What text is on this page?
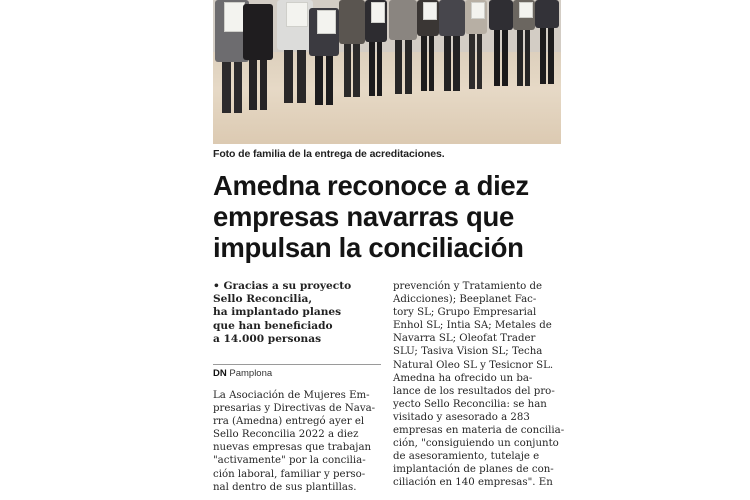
Foto de familia de la entrega de acreditaciones.
Amedna reconoce a diez
empresas navarras que
impulsan la conciliación
• Gracias a su proyecto
Sello Reconcilia,
ha implantado planes
que han beneficiado
a 14.000 personas
DN Pamplona
La Asociación de Mujeres Em-
presarias y Directivas de Nava-
rra (Amedna) entregó ayer el
Sello Reconcilia 2022 a diez
nuevas empresas que trabajan
"activamente" por la concilia-
ción laboral, familiar y perso-
nal dentro de sus plantillas.
prevención y Tratamiento de
Adicciones); Beeplanet Fac-
tory SL; Grupo Empresarial
Enhol SL; Intia SA; Metales de
Navarra SL; Oleofat Trader
SLU; Tasiva Vision SL; Techa
Natural Oleo SL y Tesicnor SL.
Amedna ha ofrecido un ba-
lance de los resultados del pro-
yecto Sello Reconcilia: se han
visitado y asesorado a 283
empresas en materia de concilia-
ción, "consiguiendo un conjunto
de asesoramiento, tutelaje e
implantación de planes de con-
ciliación en 140 empresas". En
